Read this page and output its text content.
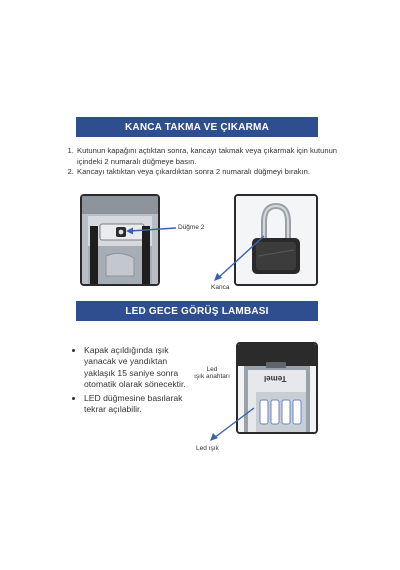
KANCA TAKMA VE ÇIKARMA
1. Kutunun kapağını açtıktan sonra, kancayı takmak veya çıkarmak için kutunun içindeki 2 numaralı düğmeye basın.
2. Kancayı taktıktan veya çıkardıktan sonra 2 numaralı düğmeyi bırakın.
Düğme 2
Kanca
LED GECE GÖRÜŞ LAMBASI
• Kapak açıldığında ışık yanacak ve yandıktan yaklaşık 15 saniye sonra otomatik olarak sönecektir.
• LED düğmesine basılarak tekrar açılabilir.
Led
ışık anahtarı	Temel
Led ışık
